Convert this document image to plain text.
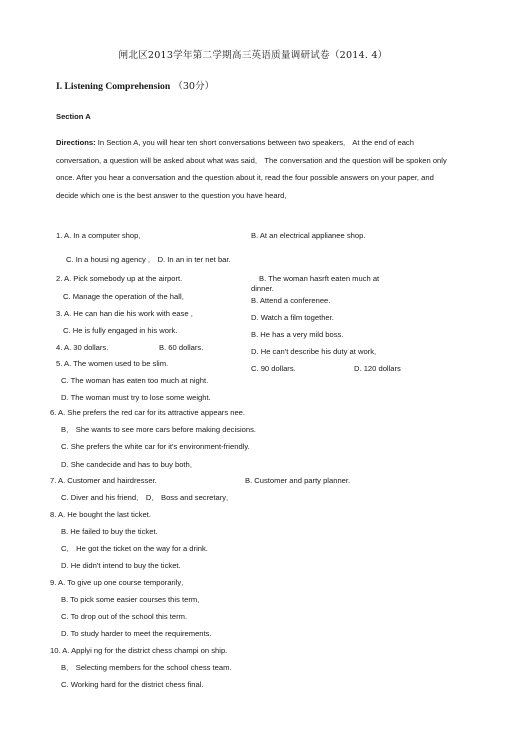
闸北区2013学年第二学期高三英语质量调研试卷（2014. 4）
I. Listening Comprehension （30分）
Section A
Directions: In Section A, you will hear ten short conversations between two speakers． At the end of each conversation, a question will be asked about what was said． The conversation and the question will be spoken only once. After you hear a conversation and the question about it, read the four possible answers on your paper, and decide which one is the best answer to the question you have heard．
1. A. In a computer shop．	B. At an electrical applianee shop.
C. In a housi ng agency ． D. In an in ter net bar.
2. A. Pick somebody up at the airport.	B. The woman hasrft eaten much at
dinner.
C. Manage the operation of the hall．	B. Attend a conferenee.
3. A. He can han die his work with ease ．	D. Watch a film together.
C. He is fully engaged in his work.	B. He has a very mild boss.
4. A. 30 dollars.	B. 60 dollars.	D. He can't describe his duty at work．
5. A. The women used to be slim.
C. 90 dollars.	D. 120 dollars
C. The woman has eaten too much at night.
D. The woman must try to lose some weight.
6. A. She prefers the red car for its attractive appears nee.
B． She wants to see more cars before making decisions.
C. She prefers the white car for it's environment-friendly.
D. She candecide and has to buy both．
7. A. Customer and hairdresser.	B. Customer and party planner.
C. Diver and his friend． D． Boss and secretary．
8. A. He bought the last ticket.
B. He failed to buy the ticket.
C． He got the ticket on the way for a drink.
D. He didn't intend to buy the ticket.
9. A. To give up one course temporarily．
B. To pick some easier courses this term．
C. To drop out of the school this term.
D. To study harder to meet the requirements.
10. A. Applyi ng for the district chess champi on ship.
B． Selecting members for the school chess team.
C. Working hard for the district chess final.
